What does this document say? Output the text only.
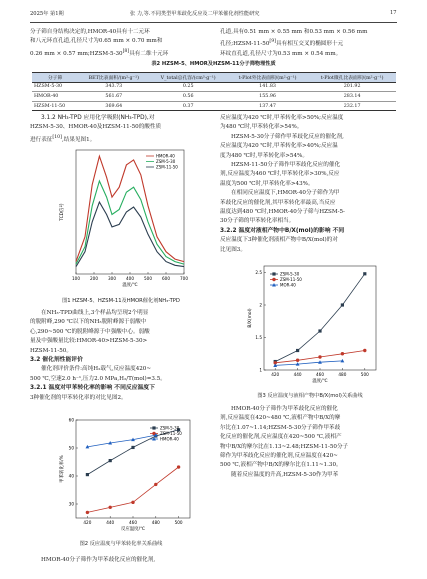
2025年 第1期	张 力,等.不同类型甲苯歧化反应及二甲苯催化剂性能研究	17

分子筛自身结构决定的,HMOR-40具有十二元环

和八元环直孔道,孔径尺寸为0.65 mm × 0.70 mm和

0.26 mm × 0.57 mm;HZSM-5-30[8]具有二维十元环

孔道,具有0.51 mm × 0.55 mm 和0.53 mm × 0.56 mm

孔径;HZSM-11-50[9]具有相互交叉的椭圆形十元

环纹直孔道,孔径尺寸为0.53 mm × 0.54 mm。

表2 HZSM-5、HMOR及HZSM-11分子筛物理性质
分子筛	BET比表面积/(m²·g⁻¹)	V_total总孔容/(cm³·g⁻¹)	t-Plot外比表面积/(m²·g⁻¹)	t-Plot微孔比表面积/(m²·g⁻¹)
HZSM-5-30	343.73	0.25	141.83	201.92
HMOR-40	561.67	0.56	155.96	283.14
HZSM-11-50	369.64	0.37	137.47	232.17

3.1.2 NH₃-TPD 应用化学吸附(NH₃-TPD),对

HZSM-5-30、HMOR-40及HZSM-11-50的酸性质

进行表征[10],结果见图1。

100 200 300 400 500 600 700
温度/℃
TCD信号
HMOR-40
ZSM-5-30
ZSM-11-50
图1 HZSM-5、HZSM-11及HMOR催化剂NH₃-TPD

在NH₃-TPD曲线上,3个样品均呈现2个明显

的脱附峰,290 ℃以下的NH₃脱附峰源于弱酸中

心,290~500 ℃的脱附峰源于中强酸中心。弱酸

量及中强酸量比较:HMOR-40>HZSM-5-30>

HZSM-11-50。

3.2 催化剂性能评价

催化剂评价条件:高纯H₂载气,反应温度420~

500 ℃,空速2.0 h⁻¹,压力2.0 MPa,H₂/T(mol)=3.5。

3.2.1 温度对甲苯转化率的影响 不同反应温度下

3种催化剂的甲苯转化率的对比见图2。

420	440	460	480	500
30
40
50
60
反应温度/℃
甲苯转化率/%
ZSM-5-30
ZSM-11-50
HMOR-40
图2 反应温度与甲苯转化率关系曲线

HMOR-40分子筛作为甲苯歧化反应的催化剂,

反应温度为420 ℃时,甲苯转化率>50%;反应温度

为480 ℃时,甲苯转化率>54%。

HZSM-5-30分子筛作甲苯歧化反应的催化剂,

反应温度为420 ℃时,甲苯转化率>40%;反应温

度为480 ℃时,甲苯转化率>54%。

HZSM-11-50分子筛作甲苯歧化反应的催化

剂,反应温度为460 ℃时,甲苯转化率>30%,反应

温度为500 ℃时,甲苯转化率>43%。

在相同反应温度下,HMOR-40分子筛作为甲

苯歧化反应的催化剂,其甲苯转化率最高,当反应

温度达到480 ℃时,HMOR-40分子筛与HZSM-5-

30分子筛的甲苯转化率相当。

3.2.2 温度对液相产物中B/X(mol)的影响 不同

反应温度下3种催化剂液相产物中B/X(mol)的对

比见图3。

420	440	460	480	500
1
1.5
2
2.5
温度/℃
B/X(mol)
ZSM-5-30
ZSM-11-50
MOR-40
图3 反应温度与液相产物中B/X(mol)关系曲线

HMOR-40分子筛作为甲苯歧化反应的催化

剂,反应温度在420~480 ℃,液相产物中B/X的摩

尔比在1.07~1.14;HZSM-5-30分子筛作甲苯歧

化反应的催化剂,反应温度在420~500 ℃,液相产

物中B/X的摩尔比在1.13~2.48;HZSM-11-50分子

筛作为甲苯歧化反应的催化剂,反应温度在420~

500 ℃,液相产物中B/X的摩尔比在1.11~1.30。

随着反应温度的升高,HZSM-5-30作为甲苯
